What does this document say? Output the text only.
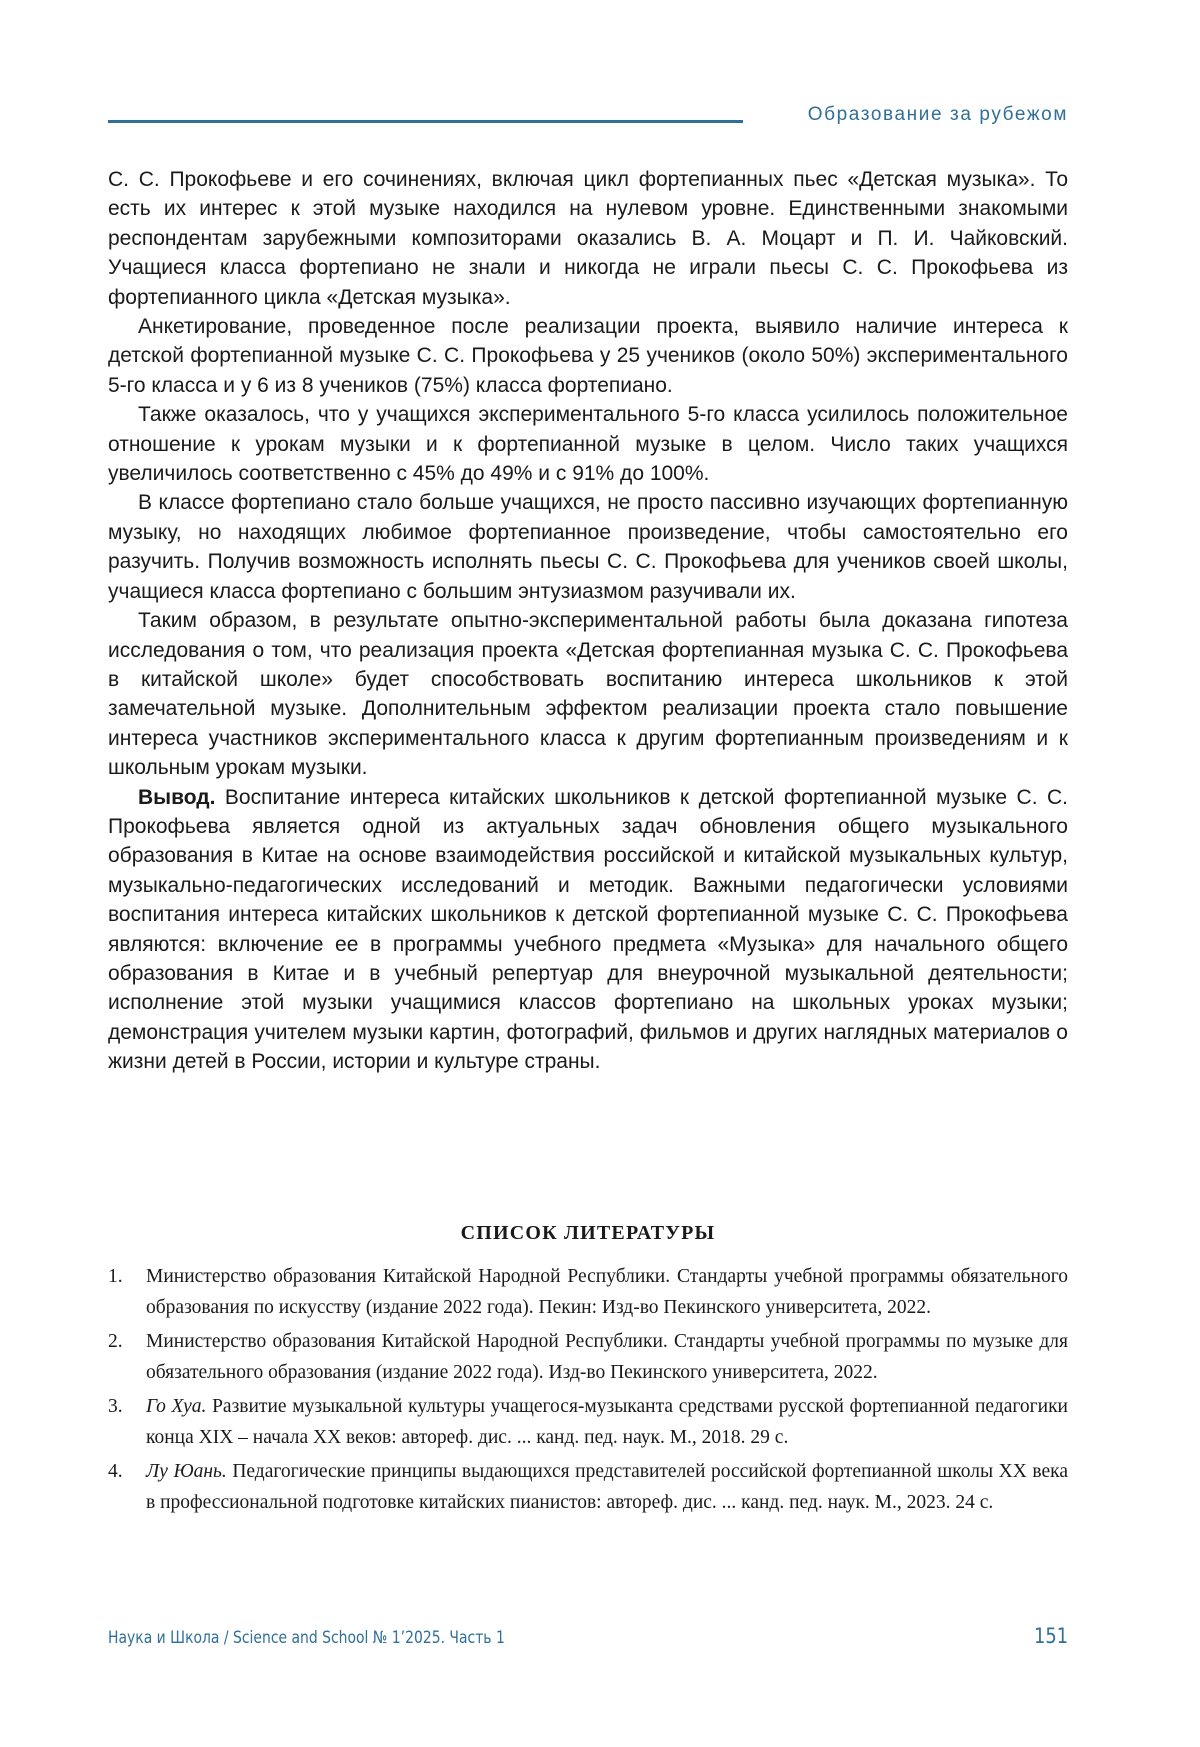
Образование за рубежом

С. С. Прокофьеве и его сочинениях, включая цикл фортепианных пьес «Детская музыка». То есть их интерес к этой музыке находился на нулевом уровне. Единственными знакомыми респондентам зарубежными композиторами оказались В. А. Моцарт и П. И. Чайковский. Учащиеся класса фортепиано не знали и никогда не играли пьесы С. С. Прокофьева из фортепианного цикла «Детская музыка».

Анкетирование, проведенное после реализации проекта, выявило наличие интереса к детской фортепианной музыке С. С. Прокофьева у 25 учеников (около 50%) экспериментального 5-го класса и у 6 из 8 учеников (75%) класса фортепиано.

Также оказалось, что у учащихся экспериментального 5-го класса усилилось положительное отношение к урокам музыки и к фортепианной музыке в целом. Число таких учащихся увеличилось соответственно с 45% до 49% и с 91% до 100%.

В классе фортепиано стало больше учащихся, не просто пассивно изучающих фортепианную музыку, но находящих любимое фортепианное произведение, чтобы самостоятельно его разучить. Получив возможность исполнять пьесы С. С. Прокофьева для учеников своей школы, учащиеся класса фортепиано с большим энтузиазмом разучивали их.

Таким образом, в результате опытно-экспериментальной работы была доказана гипотеза исследования о том, что реализация проекта «Детская фортепианная музыка С. С. Прокофьева в китайской школе» будет способствовать воспитанию интереса школьников к этой замечательной музыке. Дополнительным эффектом реализации проекта стало повышение интереса участников экспериментального класса к другим фортепианным произведениям и к школьным урокам музыки.

Вывод. Воспитание интереса китайских школьников к детской фортепианной музыке С. С. Прокофьева является одной из актуальных задач обновления общего музыкального образования в Китае на основе взаимодействия российской и китайской музыкальных культур, музыкально-педагогических исследований и методик. Важными педагогически условиями воспитания интереса китайских школьников к детской фортепианной музыке С. С. Прокофьева являются: включение ее в программы учебного предмета «Музыка» для начального общего образования в Китае и в учебный репертуар для внеурочной музыкальной деятельности; исполнение этой музыки учащимися классов фортепиано на школьных уроках музыки; демонстрация учителем музыки картин, фотографий, фильмов и других наглядных материалов о жизни детей в России, истории и культуре страны.

СПИСОК ЛИТЕРАТУРЫ
1. Министерство образования Китайской Народной Республики. Стандарты учебной программы обязательного образования по искусству (издание 2022 года). Пекин: Изд-во Пекинского университета, 2022.
2. Министерство образования Китайской Народной Республики. Стандарты учебной программы по музыке для обязательного образования (издание 2022 года). Изд-во Пекинского университета, 2022.
3. Го Хуа. Развитие музыкальной культуры учащегося-музыканта средствами русской фортепианной педагогики конца XIX – начала XX веков: автореф. дис. ... канд. пед. наук. М., 2018. 29 с.
4. Лу Юань. Педагогические принципы выдающихся представителей российской фортепианной школы XX века в профессиональной подготовке китайских пианистов: автореф. дис. ... канд. пед. наук. М., 2023. 24 с.
Наука и Школа / Science and School № 1’2025. Часть 1	151
